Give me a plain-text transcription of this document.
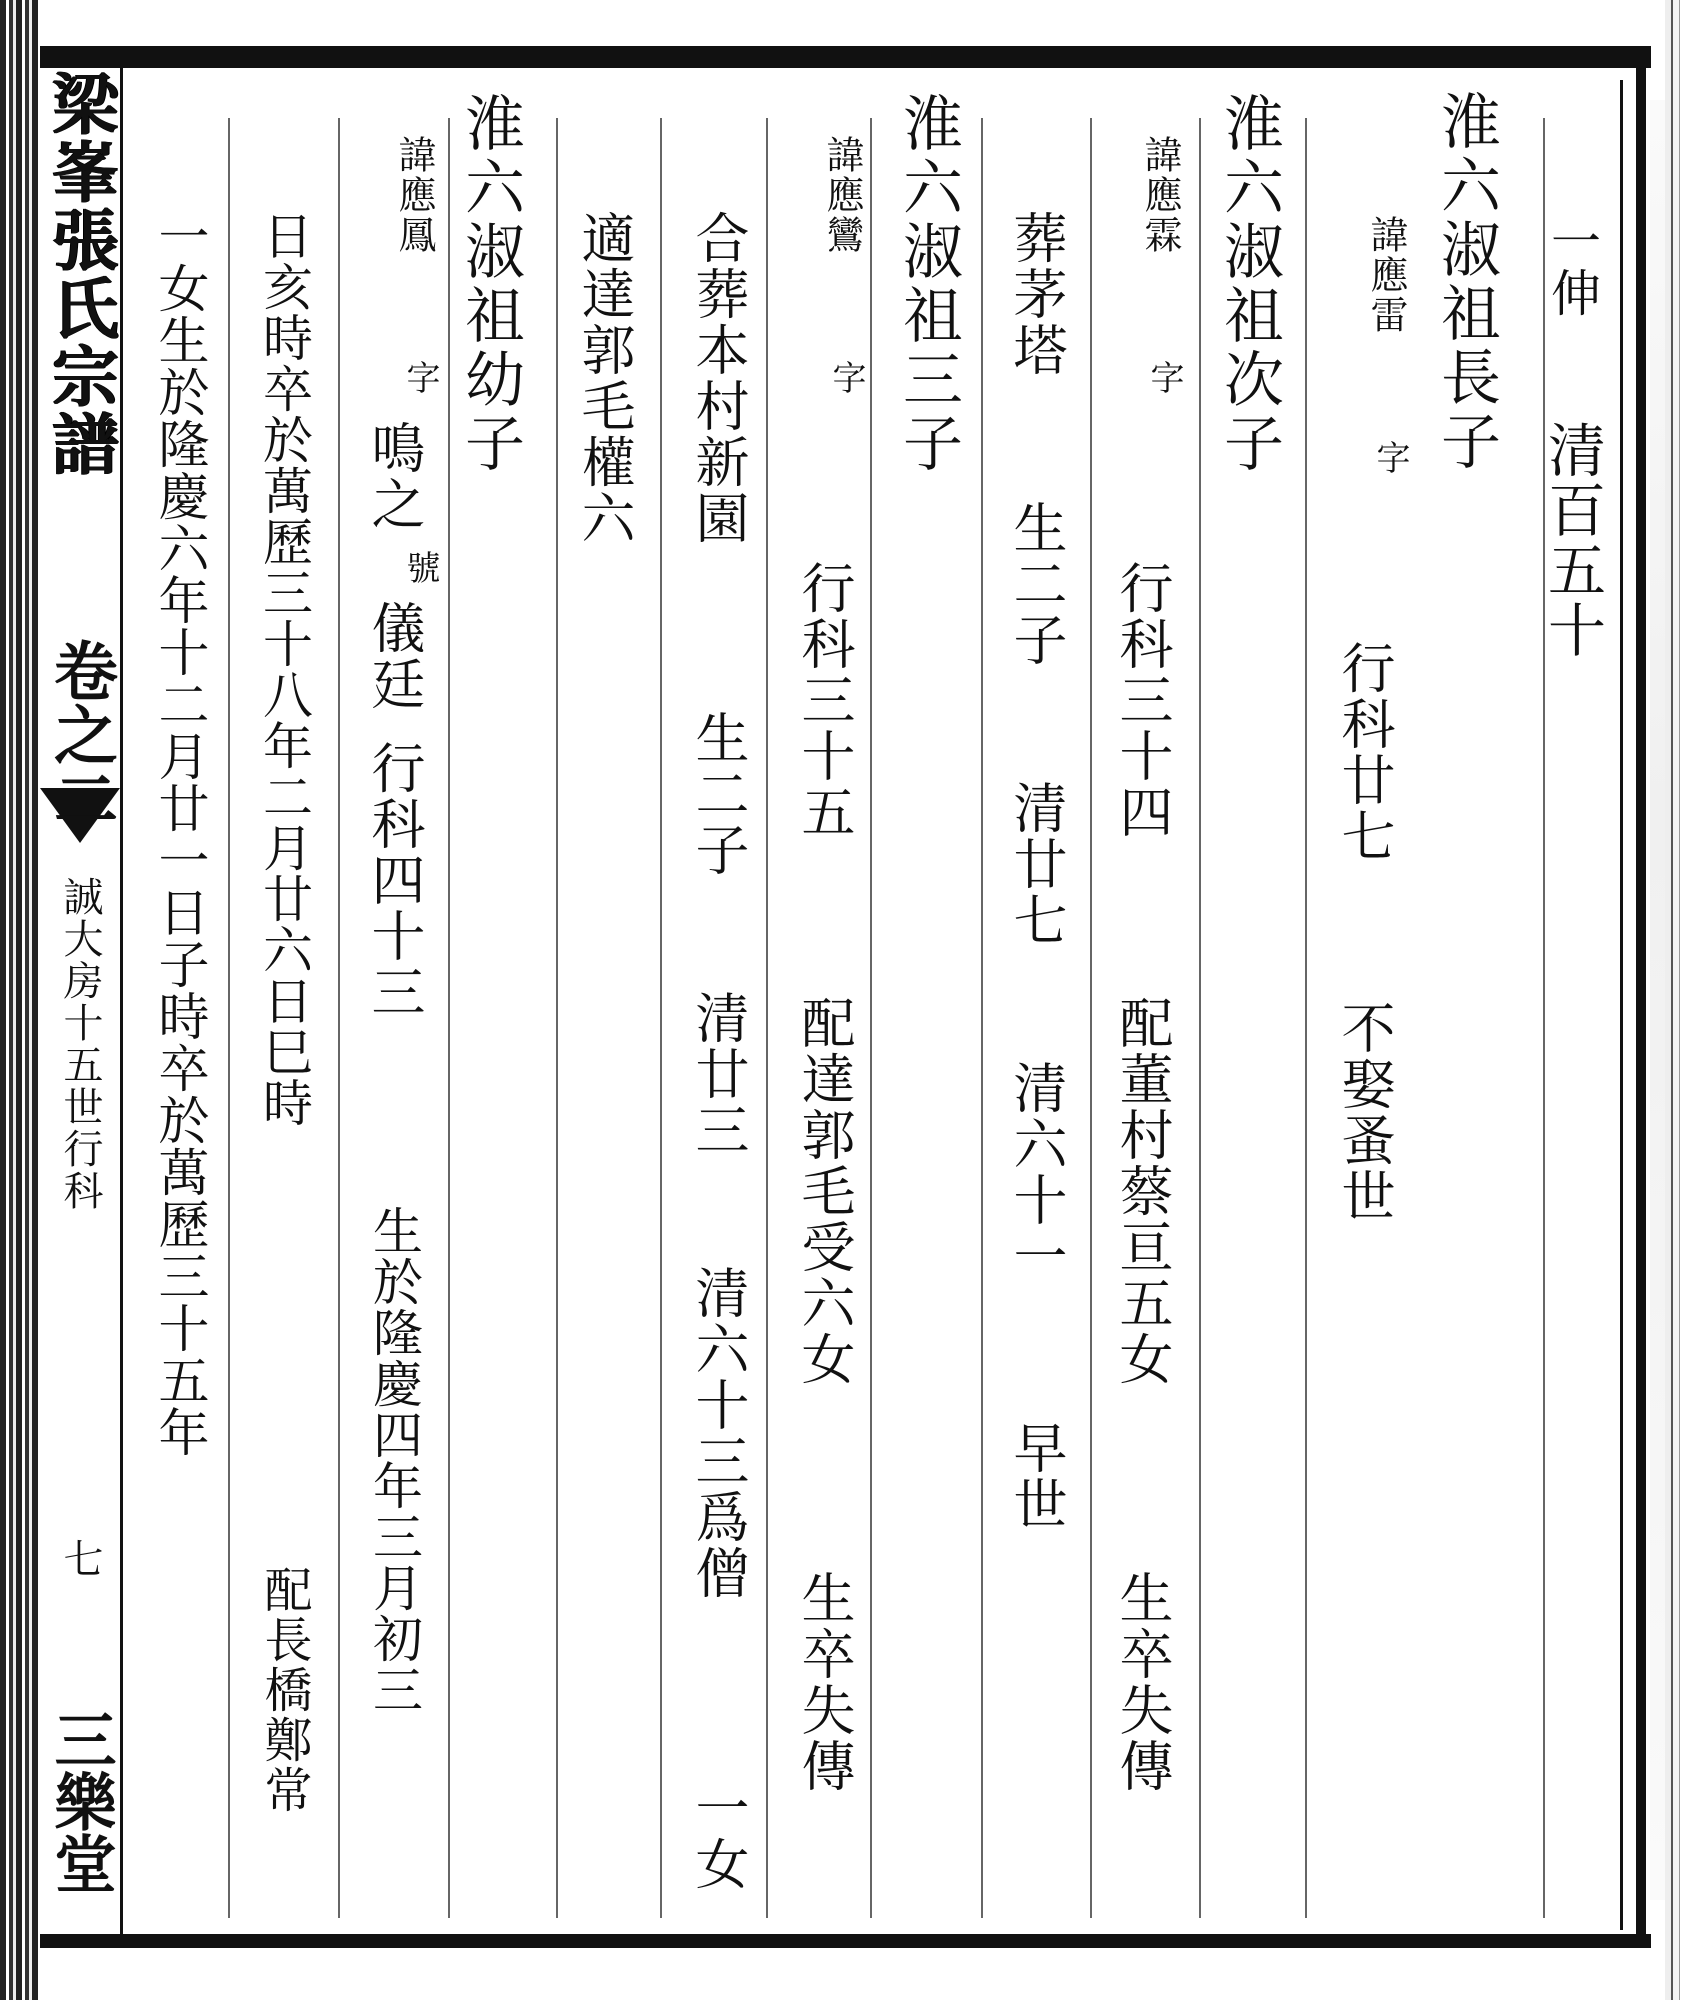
梁峯張氏宗譜
卷之二
誠大房十五世行科
七
三樂堂
一伸
清百五十
淮六淑祖長子
諱應雷
字
行科廿七
不娶蚤世
淮六淑祖次子
諱應霖
字
行科三十四
配董村蔡亘五女
生卒失傳
葬茅塔
生二子
清廿七
清六十一
早世
淮六淑祖三子
諱應鸞
字
行科三十五
配達郭毛受六女
生卒失傳
合葬本村新園
生二子
清廿三
清六十三爲僧
一女
適達郭毛權六
淮六淑祖幼子
諱應鳳
字
鳴之
號
儀廷
行科四十三
生於隆慶四年三月初三
日亥時卒於萬歷三十八年二月廿六日巳時
配長橋鄭常
一女生於隆慶六年十二月廿一日子時卒於萬歷三十五年
